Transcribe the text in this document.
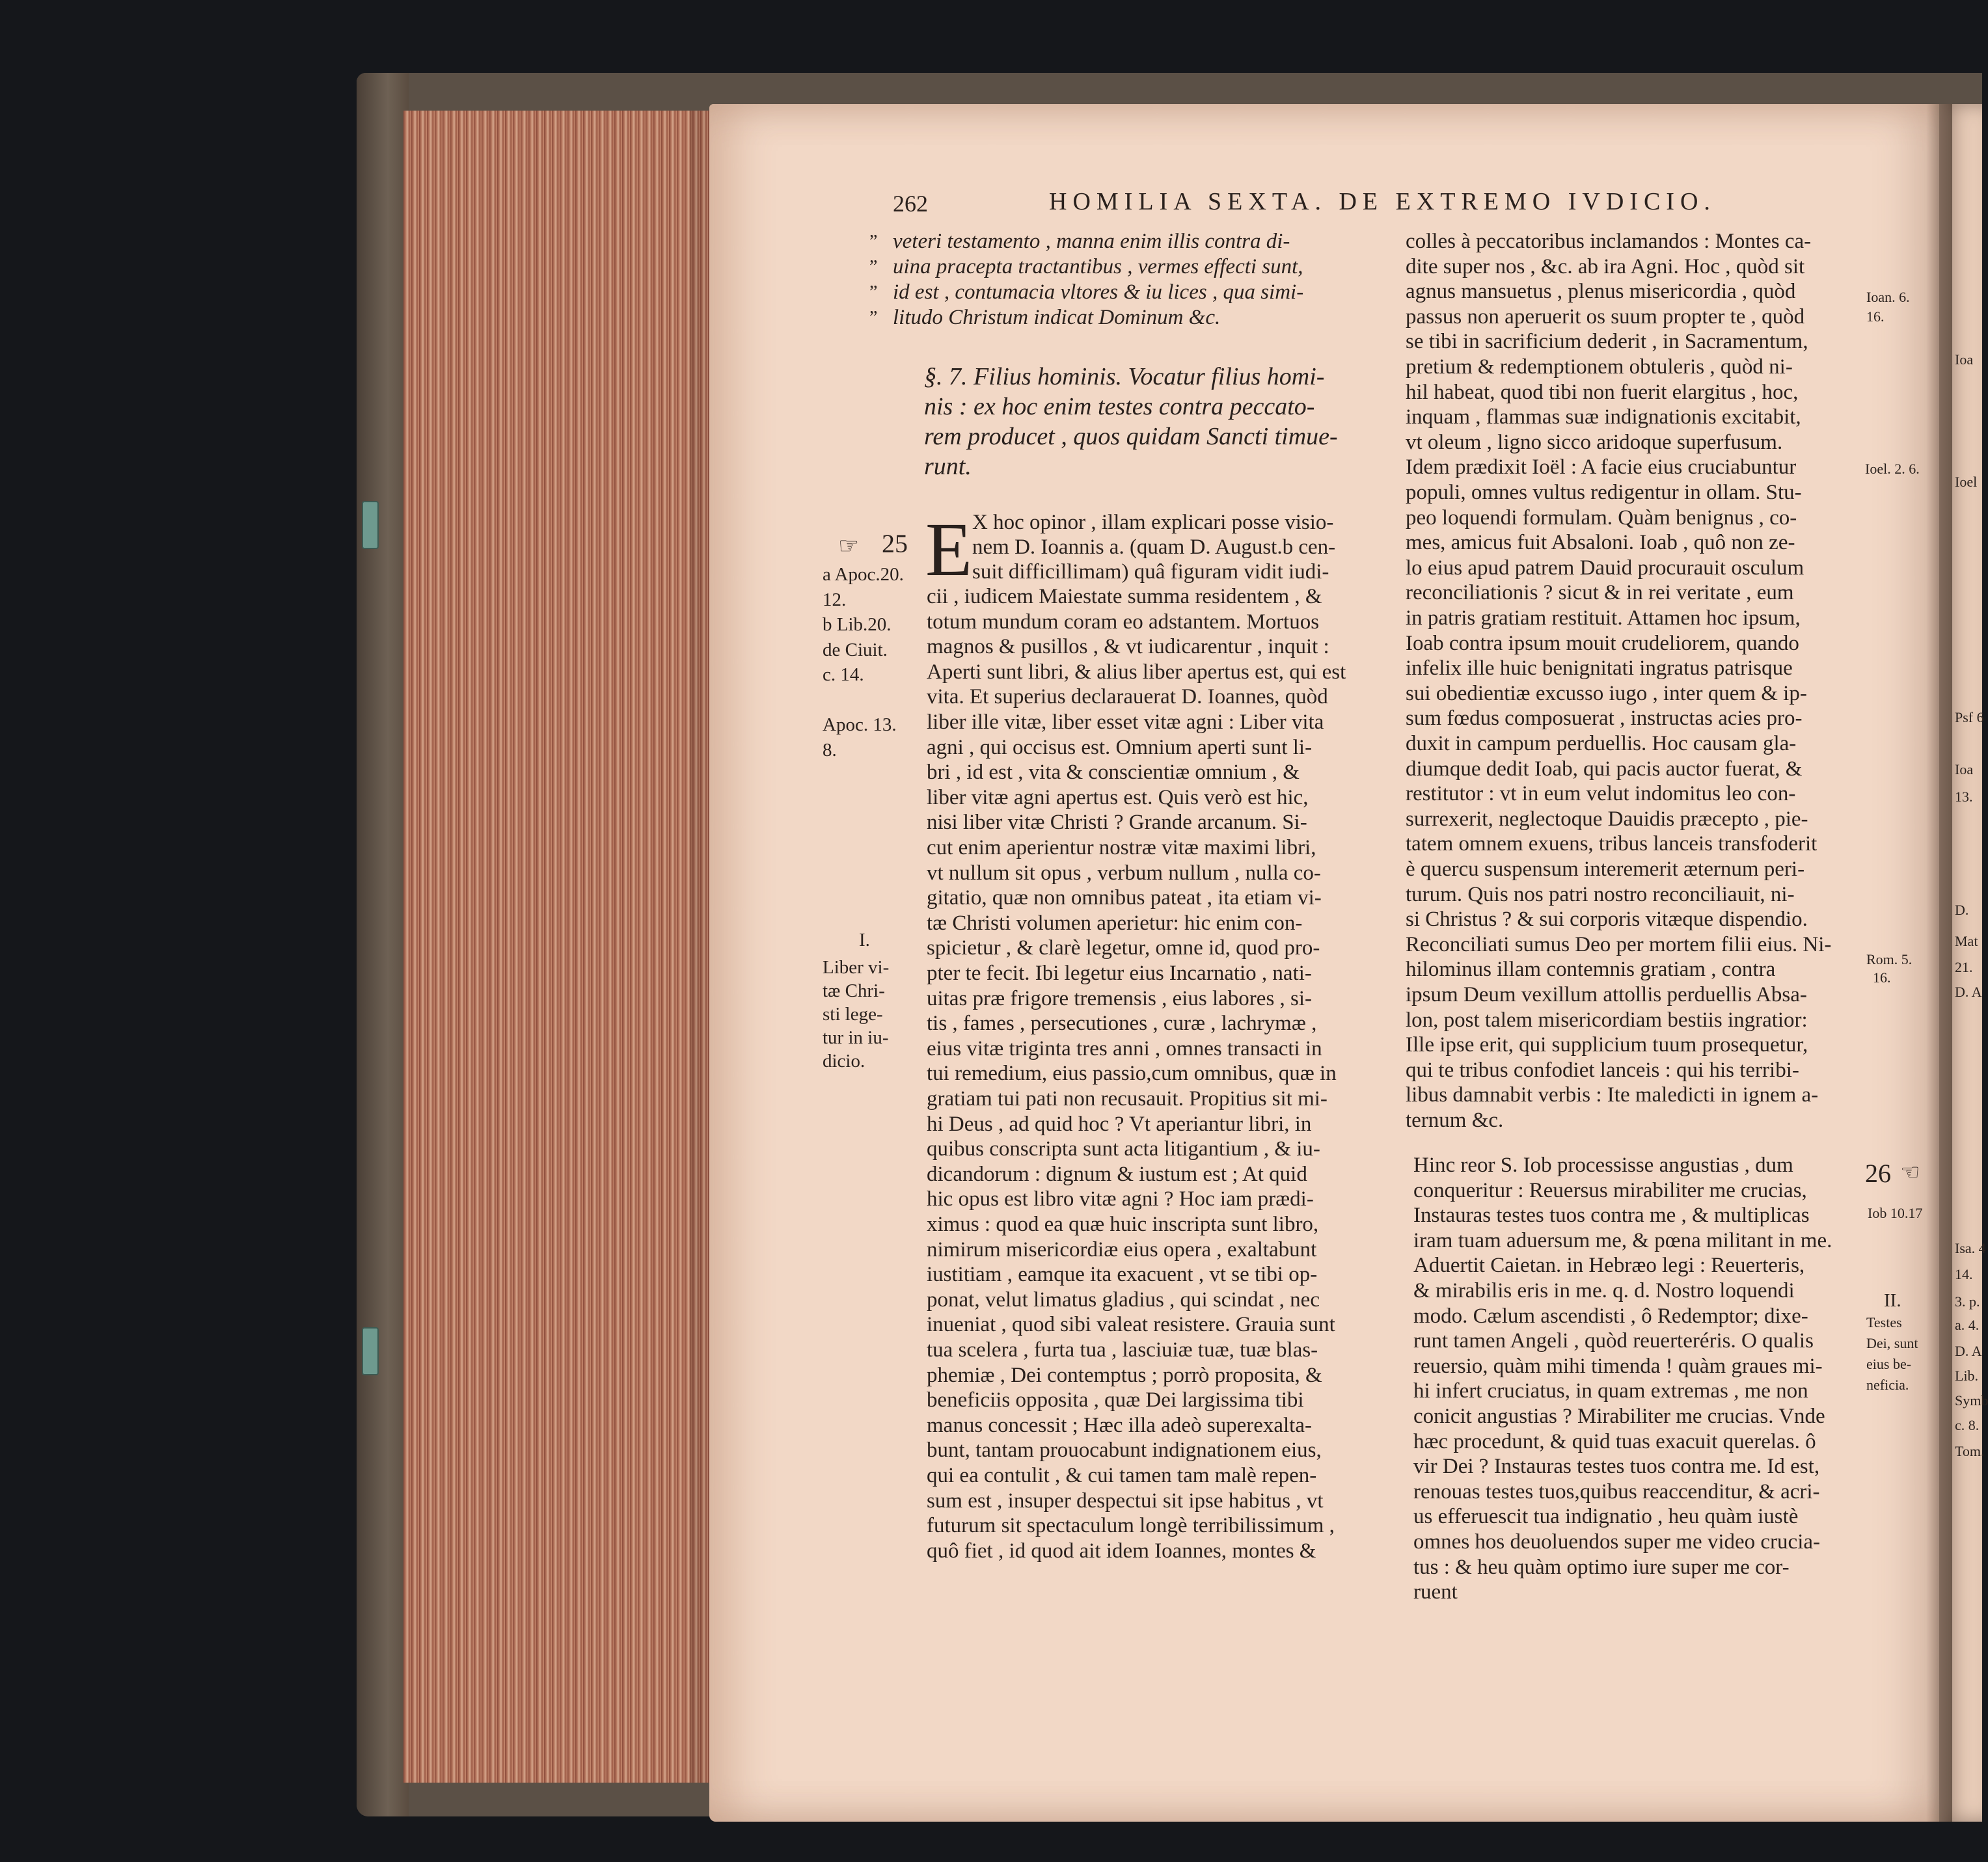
262	HOMILIA SEXTA. DE EXTREMO IVDICIO.
veteri testamento , manna enim illis contra di-
uina pracepta tractantibus , vermes effecti sunt,
id est , contumacia vltores & iu lices , qua simi-
litudo Christum indicat Dominum &c.
”
”
”
”
§. 7. Filius hominis. Vocatur filius homi-
nis : ex hoc enim testes contra peccato-
rem producet , quos quidam Sancti timue-
runt.
E X hoc opinor , illam explicari posse visio-
nem D. Ioannis a. (quam D. August.b cen-
suit difficillimam) quâ figuram vidit iudi-
cii , iudicem Maiestate summa residentem , &
totum mundum coram eo adstantem. Mortuos
magnos & pusillos , & vt iudicarentur , inquit :
Aperti sunt libri, & alius liber apertus est, qui est
vita. Et superius declarauerat D. Ioannes, quòd
liber ille vitæ, liber esset vitæ agni : Liber vita
agni , qui occisus est. Omnium aperti sunt li-
bri , id est , vita & conscientiæ omnium , &
liber vitæ agni apertus est. Quis verò est hic,
nisi liber vitæ Christi ? Grande arcanum. Si-
cut enim aperientur nostræ vitæ maximi libri,
vt nullum sit opus , verbum nullum , nulla co-
gitatio, quæ non omnibus pateat , ita etiam vi-
tæ Christi volumen aperietur: hic enim con-
spicietur , & clarè legetur, omne id, quod pro-
pter te fecit. Ibi legetur eius Incarnatio , nati-
uitas præ frigore tremensis , eius labores , si-
tis , fames , persecutiones , curæ , lachrymæ ,
eius vitæ triginta tres anni , omnes transacti in
tui remedium, eius passio,cum omnibus, quæ in
gratiam tui pati non recusauit. Propitius sit mi-
hi Deus , ad quid hoc ? Vt aperiantur libri, in
quibus conscripta sunt acta litigantium , & iu-
dicandorum : dignum & iustum est ; At quid
hic opus est libro vitæ agni ? Hoc iam prædi-
ximus : quod ea quæ huic inscripta sunt libro,
nimirum misericordiæ eius opera , exaltabunt
iustitiam , eamque ita exacuent , vt se tibi op-
ponat, velut limatus gladius , qui scindat , nec
inueniat , quod sibi valeat resistere. Grauia sunt
tua scelera , furta tua , lasciuiæ tuæ, tuæ blas-
phemiæ , Dei contemptus ; porrò proposita, &
beneficiis opposita , quæ Dei largissima tibi
manus concessit ; Hæc illa adeò superexalta-
bunt, tantam prouocabunt indignationem eius,
qui ea contulit , & cui tamen tam malè repen-
sum est , insuper despectui sit ipse habitus , vt
futurum sit spectaculum longè terribilissimum ,
quô fiet , id quod ait idem Ioannes, montes &
25
☞
a Apoc.20.
12.
b Lib.20.
de Ciuit.
c. 14.
Apoc. 13.
8.
I.
Liber vi-
tæ Chri-
sti lege-
tur in iu-
dicio.
colles à peccatoribus inclamandos : Montes ca-
dite super nos , &c. ab ira Agni. Hoc , quòd sit
agnus mansuetus , plenus misericordia , quòd
passus non aperuerit os suum propter te , quòd
se tibi in sacrificium dederit , in Sacramentum,
pretium & redemptionem obtuleris , quòd ni-
hil habeat, quod tibi non fuerit elargitus , hoc,
inquam , flammas suæ indignationis excitabit,
vt oleum , ligno sicco aridoque superfusum.
Idem prædixit Ioël : A facie eius cruciabuntur
populi, omnes vultus redigentur in ollam. Stu-
peo loquendi formulam. Quàm benignus , co-
mes, amicus fuit Absaloni. Ioab , quô non ze-
lo eius apud patrem Dauid procurauit osculum
reconciliationis ? sicut & in rei veritate , eum
in patris gratiam restituit. Attamen hoc ipsum,
Ioab contra ipsum mouit crudeliorem, quando
infelix ille huic benignitati ingratus patrisque
sui obedientiæ excusso iugo , inter quem & ip-
sum fœdus composuerat , instructas acies pro-
duxit in campum perduellis. Hoc causam gla-
diumque dedit Ioab, qui pacis auctor fuerat, &
restitutor : vt in eum velut indomitus leo con-
surrexerit, neglectoque Dauidis præcepto , pie-
tatem omnem exuens, tribus lanceis transfoderit
è quercu suspensum interemerit æternum peri-
turum. Quis nos patri nostro reconciliauit, ni-
si Christus ? & sui corporis vitæque dispendio.
Reconciliati sumus Deo per mortem filii eius. Ni-
hilominus illam contemnis gratiam , contra
ipsum Deum vexillum attollis perduellis Absa-
lon, post talem misericordiam bestiis ingratior:
Ille ipse erit, qui supplicium tuum prosequetur,
qui te tribus confodiet lanceis : qui his terribi-
libus damnabit verbis : Ite maledicti in ignem a-
ternum &c.
Hinc reor S. Iob processisse angustias , dum
conqueritur : Reuersus mirabiliter me crucias,
Instauras testes tuos contra me , & multiplicas
iram tuam aduersum me, & pœna militant in me.
Aduertit Caietan. in Hebræo legi : Reuerteris,
& mirabilis eris in me. q. d. Nostro loquendi
modo. Cælum ascendisti , ô Redemptor; dixe-
runt tamen Angeli , quòd reuerteréris. O qualis
reuersio, quàm mihi timenda ! quàm graues mi-
hi infert cruciatus, in quam extremas , me non
conicit angustias ? Mirabiliter me crucias. Vnde
hæc procedunt, & quid tuas exacuit querelas. ô
vir Dei ? Instauras testes tuos contra me. Id est,
renouas testes tuos,quibus reaccenditur, & acri-
us efferuescit tua indignatio , heu quàm iustè
omnes hos deuoluendos super me video crucia-
tus : & heu quàm optimo iure super me cor-
ruent
Ioan. 6.
16.
Ioel. 2. 6.
Rom. 5.
16.
26 ☜
Iob 10.17
II.
Testes
Dei, sunt
eius be-
neficia.
Ioa
Ioel
Psf 6
Ioa
13.
D.
Mat
21.
D. A
Isa. 4
14.
3. p.
a. 4.
D. A
Lib.
Symb
c. 8.
Tom.
